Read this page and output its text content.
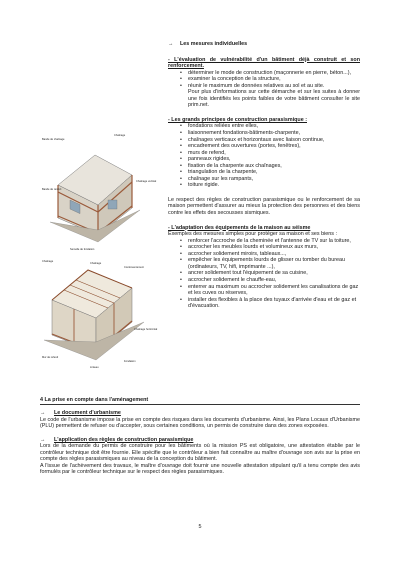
Bande de chaînage
Chaînage
Chaînage vertical
Bande de renfort
Semelle de fondation
Chaînage
Chaînage
Contreventement
Chaînage horizontal
Mur de refend
Linteau
Fondation

→ Les mesures individuelles

- L'évaluation de vulnérabilité d'un bâtiment déjà construit et son renforcement.

• déterminer le mode de construction (maçonnerie en pierre, béton...),
• examiner la conception de la structure,
• réunir le maximum de données relatives au sol et au site.

Pour plus d'informations sur cette démarche et sur les suites à donner une fois identifiés les points faibles de votre bâtiment consulter le site prim.net.

- Les grands principes de construction parasismique :

• fondations reliées entre elles,
• liaisonnement fondations-bâtiments-charpente,
• chaînages verticaux et horizontaux avec liaison continue,
• encadrement des ouvertures (portes, fenêtres),
• murs de refend,
• panneaux rigides,
• fixation de la charpente aux chaînages,
• triangulation de la charpente,
• chaînage sur les rampants,
• toiture rigide.

Le respect des règles de construction parasismique ou le renforcement de sa maison permettent d'assurer au mieux la protection des personnes et des biens contre les effets des secousses sismiques.

- L'adaptation des équipements de la maison au séisme

Exemples des mesures simples pour protéger sa maison et ses biens :

• renforcer l'accroche de la cheminée et l'antenne de TV sur la toiture,
• accrocher les meubles lourds et volumineux aux murs,
• accrocher solidement miroirs, tableaux...,
• empêcher les équipements lourds de glisser ou tomber du bureau (ordinateurs, TV, hifi, imprimante ...),
• ancrer solidement tout l'équipement de sa cuisine,
• accrocher solidement le chauffe-eau,
• enterrer au maximum ou accrocher solidement les canalisations de gaz et les cuves ou réserves,
• installer des flexibles à la place des tuyaux d'arrivée d'eau et de gaz et d'évacuation.
4 La prise en compte dans l'aménagement

→ Le document d'urbanisme

Le code de l'urbanisme impose la prise en compte des risques dans les documents d'urbanisme. Ainsi, les Plans Locaux d'Urbanisme (PLU) permettent de refuser ou d'accepter, sous certaines conditions, un permis de construire dans des zones exposées.

→ L'application des règles de construction parasismique

Lors de la demande du permis de construire pour les bâtiments où la mission PS est obligatoire, une attestation établie par le contrôleur technique doit être fournie. Elle spécifie que le contrôleur a bien fait connaître au maître d'ouvrage son avis sur la prise en compte des règles parasismiques au niveau de la conception du bâtiment.

A l'issue de l'achèvement des travaux, le maître d'ouvrage doit fournir une nouvelle attestation stipulant qu'il a tenu compte des avis formulés par le contrôleur technique sur le respect des règles parasismiques.

5
